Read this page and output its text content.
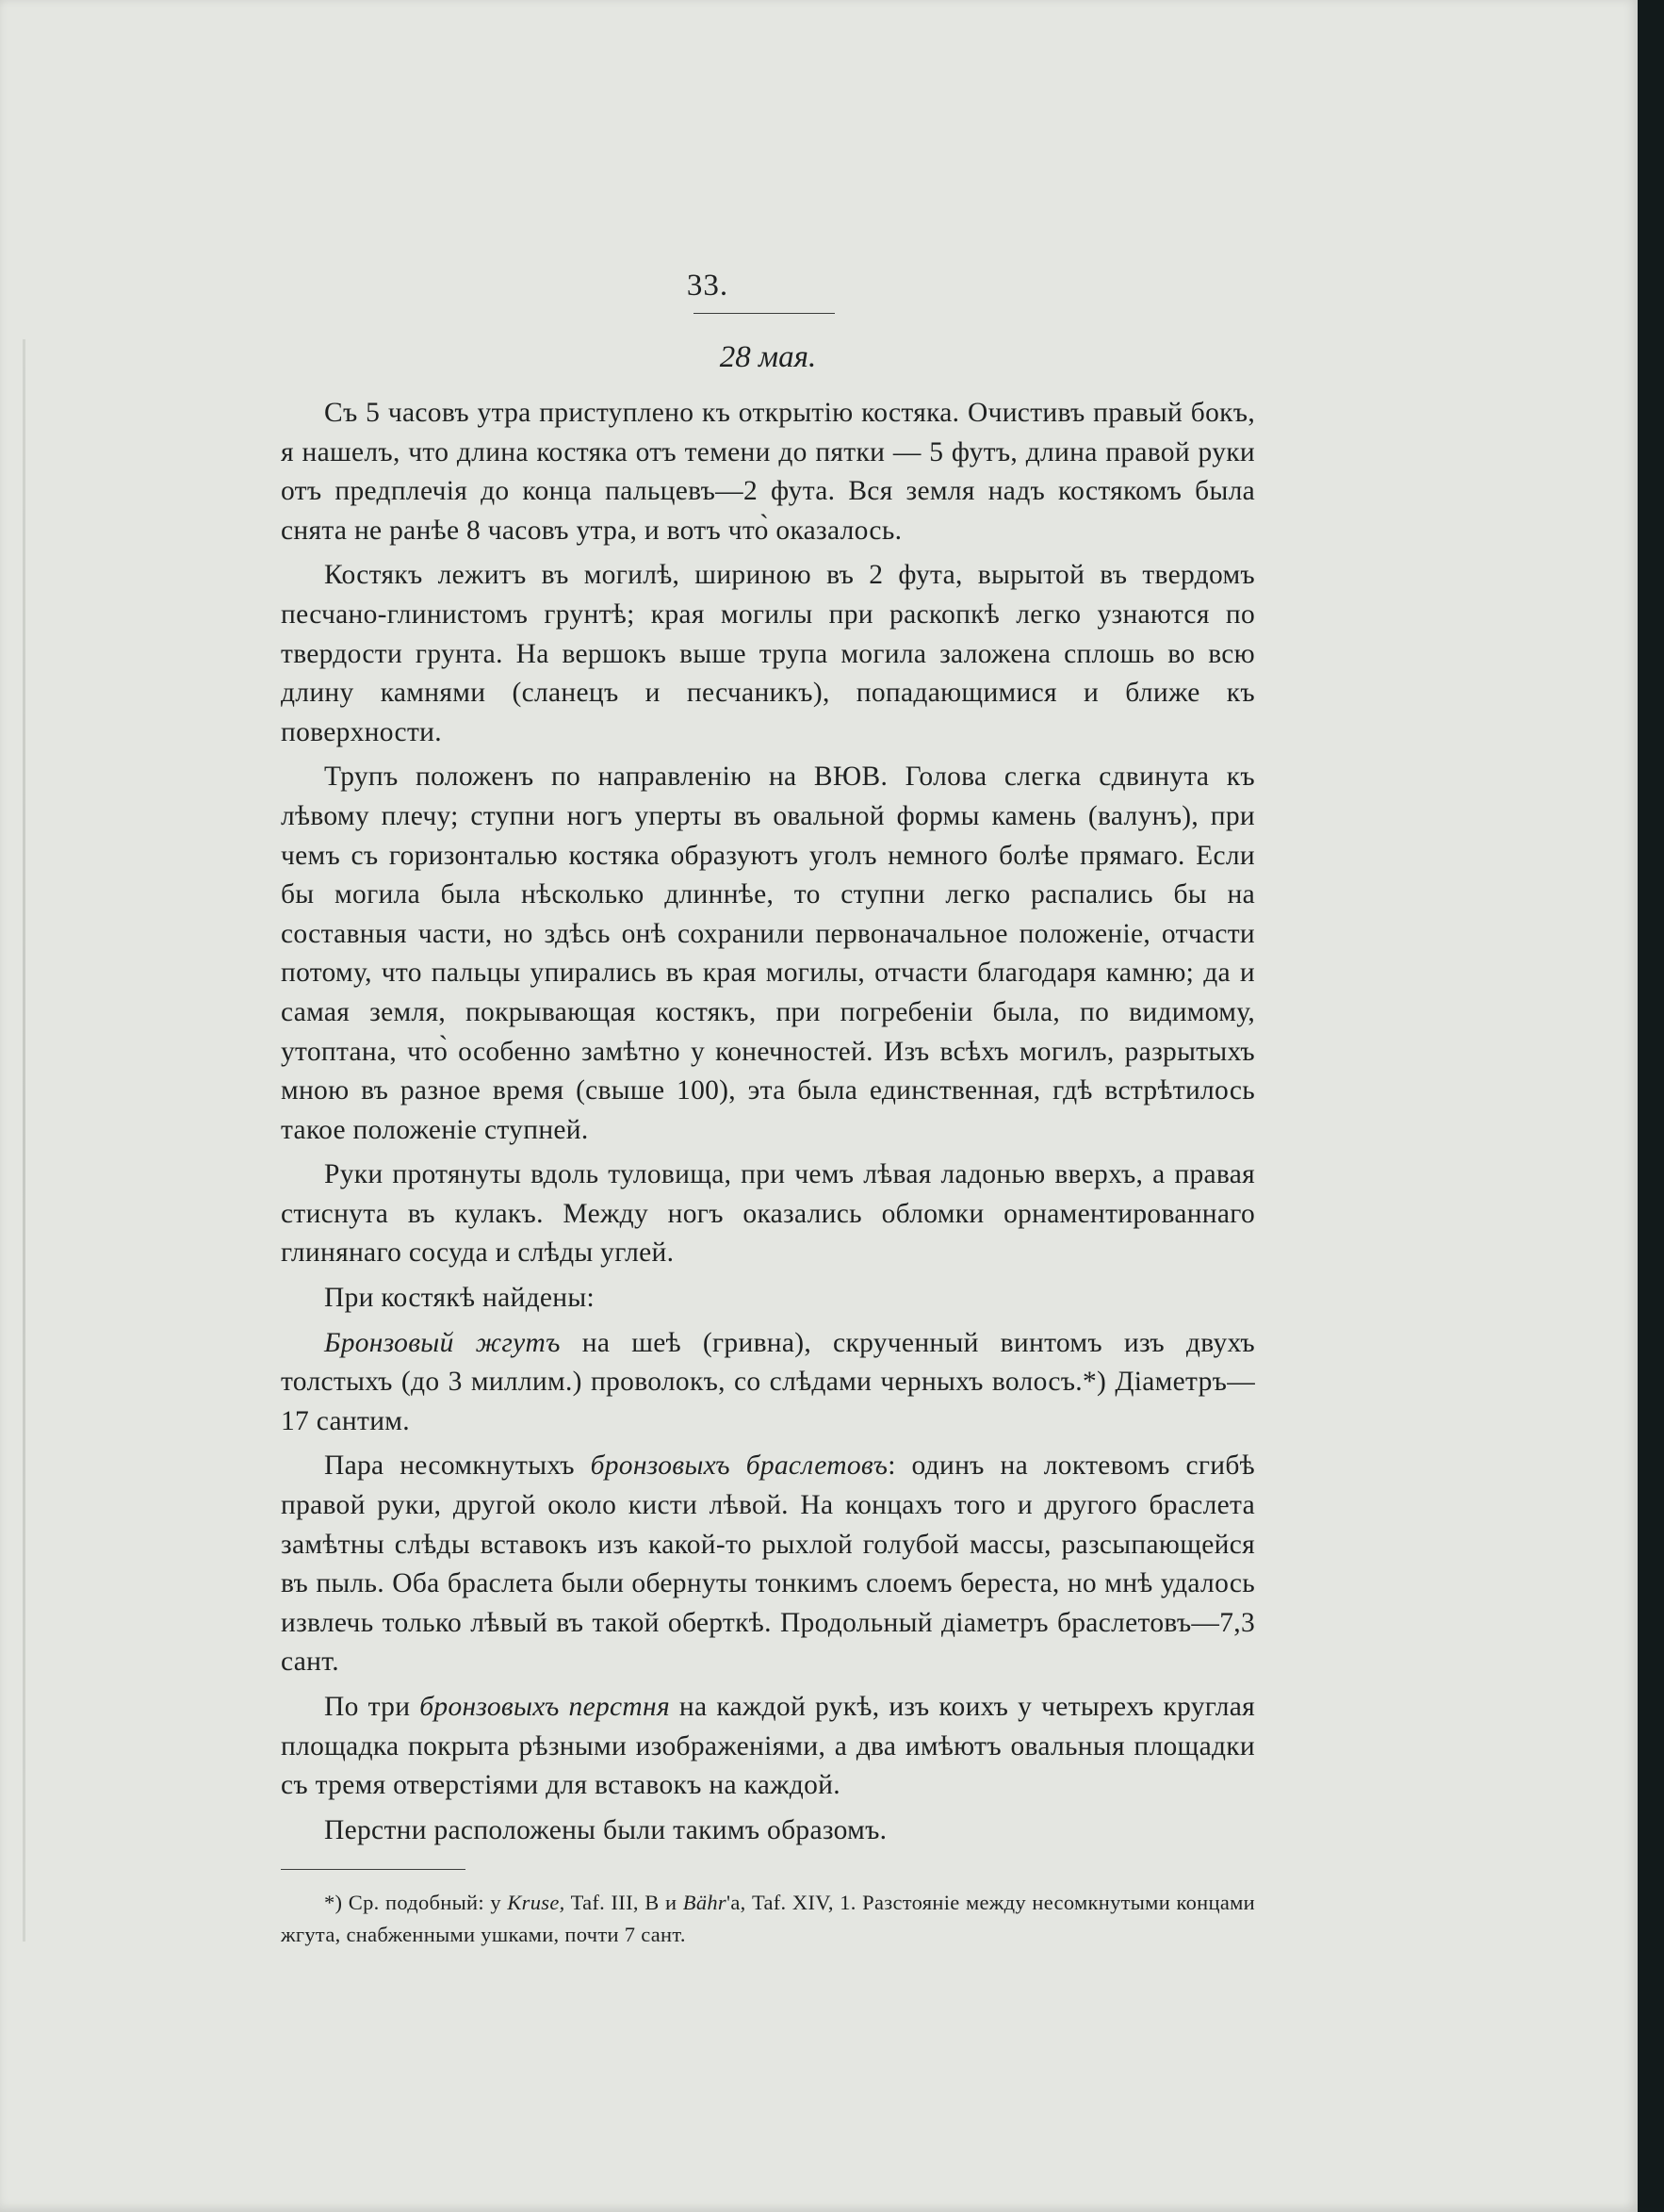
33.
28 мая.

Съ 5 часовъ утра приступлено къ открытiю костяка. Очистивъ правый бокъ, я нашелъ, что длина костяка отъ темени до пятки — 5 футъ, длина правой руки отъ предплечiя до конца пальцевъ—2 фута. Вся земля надъ костякомъ была снята не ранѣе 8 часовъ утра, и вотъ что̀ оказалось.

Костякъ лежитъ въ могилѣ, шириною въ 2 фута, вырытой въ твердомъ песчано-глинистомъ грунтѣ; края могилы при раскопкѣ легко узнаются по твердости грунта. На вершокъ выше трупа могила заложена сплошь во всю длину камнями (сланецъ и песчаникъ), попадающимися и ближе къ поверхности.

Трупъ положенъ по направленiю на ВЮВ. Голова слегка сдвинута къ лѣвому плечу; ступни ногъ уперты въ овальной формы камень (валунъ), при чемъ съ горизонталью костяка образуютъ уголъ немного болѣе прямаго. Если бы могила была нѣсколько длиннѣе, то ступни легко распались бы на составныя части, но здѣсь онѣ сохранили первоначальное положенiе, отчасти потому, что пальцы упирались въ края могилы, отчасти благодаря камню; да и самая земля, покрывающая костякъ, при погребенiи была, по видимому, утоптана, что̀ особенно замѣтно у конечностей. Изъ всѣхъ могилъ, разрытыхъ мною въ разное время (свыше 100), эта была единственная, гдѣ встрѣтилось такое положенiе ступней.

Руки протянуты вдоль туловища, при чемъ лѣвая ладонью вверхъ, а правая стиснута въ кулакъ. Между ногъ оказались обломки орнаментированнаго глинянаго сосуда и слѣды углей.

При костякѣ найдены:

Бронзовый жгутъ на шеѣ (гривна), скрученный винтомъ изъ двухъ толстыхъ (до 3 миллим.) проволокъ, со слѣдами черныхъ волосъ.*) Дiаметръ—17 сантим.

Пара несомкнутыхъ бронзовыхъ браслетовъ: одинъ на локтевомъ сгибѣ правой руки, другой около кисти лѣвой. На концахъ того и другого браслета замѣтны слѣды вставокъ изъ какой-то рыхлой голубой массы, разсыпающейся въ пыль. Оба браслета были обернуты тонкимъ слоемъ береста, но мнѣ удалось извлечь только лѣвый въ такой оберткѣ. Продольный дiаметръ браслетовъ—7,3 сант.

По три бронзовыхъ перстня на каждой рукѣ, изъ коихъ у четырехъ круглая площадка покрыта рѣзными изображенiями, а два имѣютъ овальныя площадки съ тремя отверстiями для вставокъ на каждой.

Перстни расположены были такимъ образомъ.

*) Ср. подобный: у Kruse, Taf. III, B и Bähr'а, Taf. XIV, 1. Разстоянiе между несомкнутыми концами жгута, снабженными ушками, почти 7 сант.
